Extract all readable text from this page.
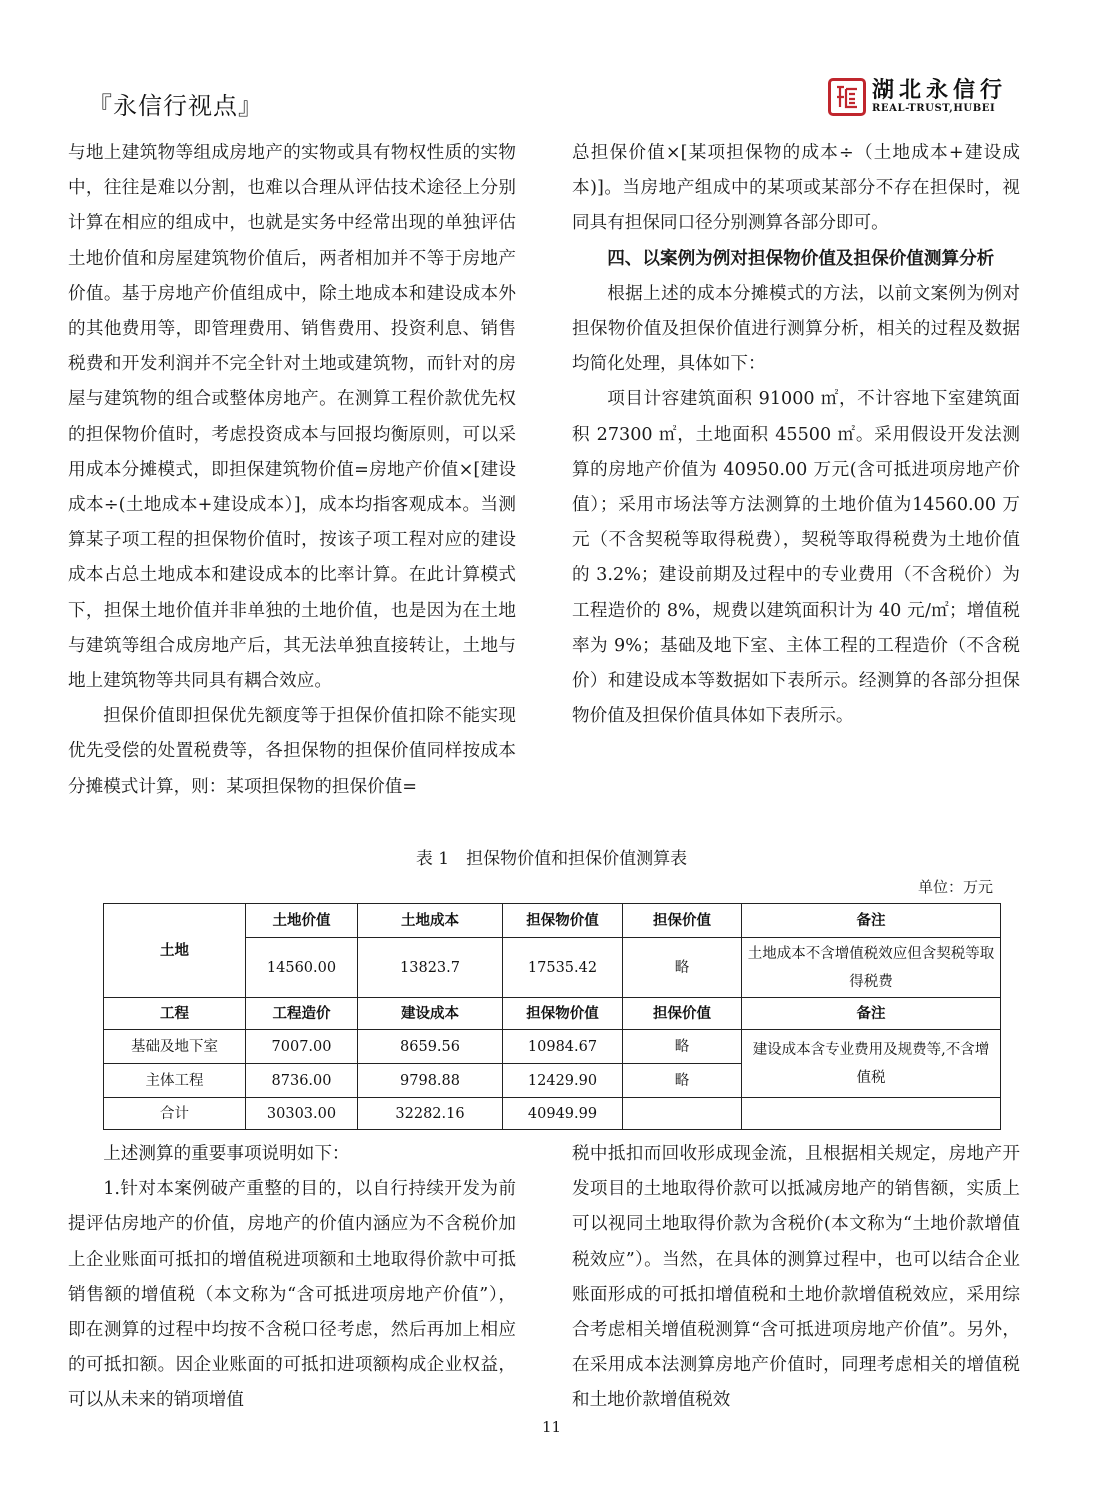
『永信行视点』
湖北永信行
REAL-TRUST,HUBEI

与地上建筑物等组成房地产的实物或具有物权性质的实物中，往往是难以分割，也难以合理从评估技术途径上分别计算在相应的组成中，也就是实务中经常出现的单独评估土地价值和房屋建筑物价值后，两者相加并不等于房地产价值。基于房地产价值组成中，除土地成本和建设成本外的其他费用等，即管理费用、销售费用、投资利息、销售税费和开发利润并不完全针对土地或建筑物，而针对的房屋与建筑物的组合或整体房地产。在测算工程价款优先权的担保物价值时，考虑投资成本与回报均衡原则，可以采用成本分摊模式，即担保建筑物价值=房地产价值×[建设成本÷(土地成本+建设成本）]，成本均指客观成本。当测算某子项工程的担保物价值时，按该子项工程对应的建设成本占总土地成本和建设成本的比率计算。在此计算模式下，担保土地价值并非单独的土地价值，也是因为在土地与建筑等组合成房地产后，其无法单独直接转让，土地与地上建筑物等共同具有耦合效应。

担保价值即担保优先额度等于担保价值扣除不能实现优先受偿的处置税费等，各担保物的担保价值同样按成本分摊模式计算，则：某项担保物的担保价值=

总担保价值×[某项担保物的成本÷（土地成本+建设成本)]。当房地产组成中的某项或某部分不存在担保时，视同具有担保同口径分别测算各部分即可。

四、以案例为例对担保物价值及担保价值测算分析

根据上述的成本分摊模式的方法，以前文案例为例对担保物价值及担保价值进行测算分析，相关的过程及数据均简化处理，具体如下：

项目计容建筑面积 91000 ㎡，不计容地下室建筑面积 27300 ㎡，土地面积 45500 ㎡。采用假设开发法测算的房地产价值为 40950.00 万元(含可抵进项房地产价值）；采用市场法等方法测算的土地价值为14560.00 万元（不含契税等取得税费），契税等取得税费为土地价值的 3.2%；建设前期及过程中的专业费用（不含税价）为工程造价的 8%，规费以建筑面积计为 40 元/㎡；增值税率为 9%；基础及地下室、主体工程的工程造价（不含税价）和建设成本等数据如下表所示。经测算的各部分担保物价值及担保价值具体如下表所示。

表 1　担保物价值和担保价值测算表
单位：万元
土地	土地价值	土地成本	担保物价值	担保价值	备注
	14560.00	13823.7	17535.42	略	土地成本不含增值税效应但含契税等取得税费
工程	工程造价	建设成本	担保物价值	担保价值	备注
基础及地下室	7007.00	8659.56	10984.67	略	建设成本含专业费用及规费等,不含增值税
主体工程	8736.00	9798.88	12429.90	略	
合计	30303.00	32282.16	40949.99		

上述测算的重要事项说明如下：

1.针对本案例破产重整的目的，以自行持续开发为前提评估房地产的价值，房地产的价值内涵应为不含税价加上企业账面可抵扣的增值税进项额和土地取得价款中可抵销售额的增值税（本文称为“含可抵进项房地产价值”），即在测算的过程中均按不含税口径考虑，然后再加上相应的可抵扣额。因企业账面的可抵扣进项额构成企业权益，可以从未来的销项增值

税中抵扣而回收形成现金流，且根据相关规定，房地产开发项目的土地取得价款可以抵减房地产的销售额，实质上可以视同土地取得价款为含税价(本文称为“土地价款增值税效应”）。当然，在具体的测算过程中，也可以结合企业账面形成的可抵扣增值税和土地价款增值税效应，采用综合考虑相关增值税测算“含可抵进项房地产价值”。另外，在采用成本法测算房地产价值时，同理考虑相关的增值税和土地价款增值税效

11
